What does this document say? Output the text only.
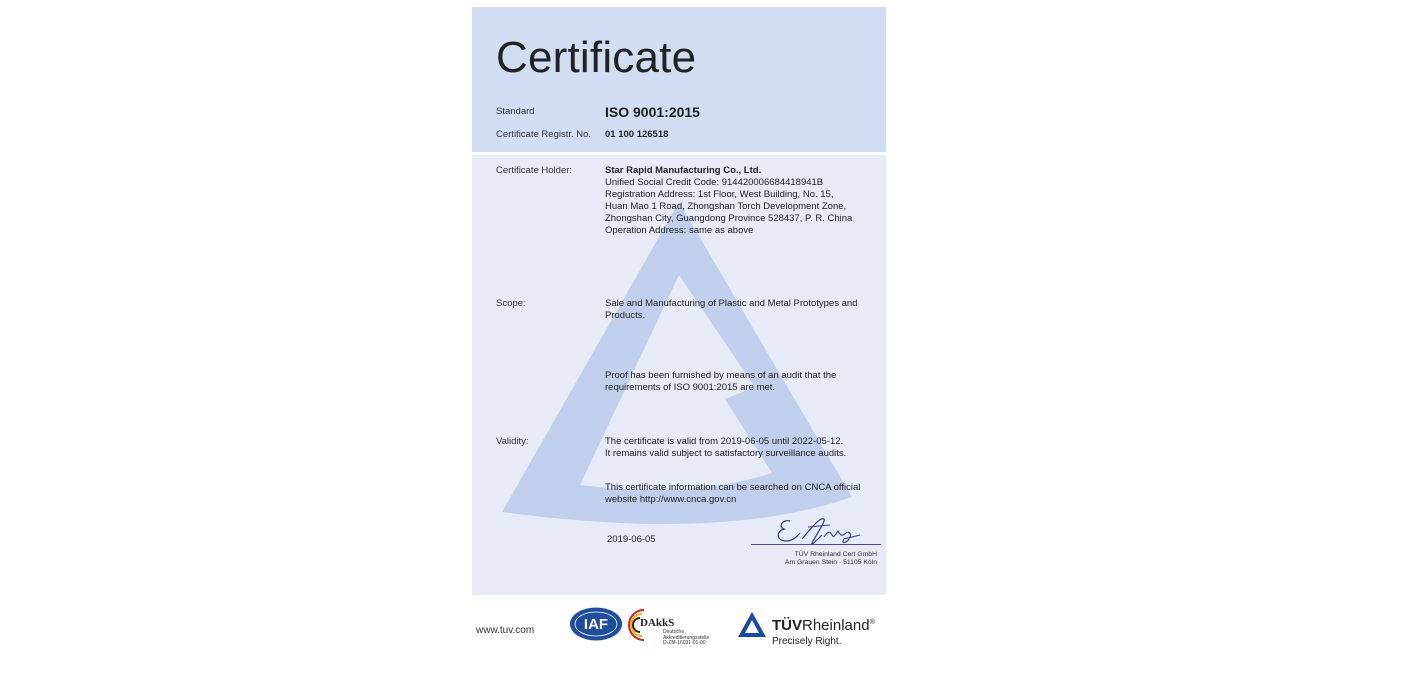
Certificate
Standard	ISO 9001:2015
Certificate Registr. No. 01 100 126518
Certificate Holder:	Star Rapid Manufacturing Co., Ltd.
Unified Social Credit Code: 914420006684418941B
Registration Address: 1st Floor, West Building, No. 15,
Huan Mao 1 Road, Zhongshan Torch Development Zone,
Zhongshan City, Guangdong Province 528437, P. R. China
Operation Address: same as above
Scope:	Sale and Manufacturing of Plastic and Metal Prototypes and
Products.
Proof has been furnished by means of an audit that the
requirements of ISO 9001:2015 are met.
Validity:	The certificate is valid from 2019-06-05 until 2022-05-12.
It remains valid subject to satisfactory surveillance audits.
This certificate information can be searched on CNCA official
website http://www.cnca.gov.cn
2019-06-05
TÜV Rheinland Cert GmbH
Am Grauen Stein · 51105 Köln
www.tuv.com	IAF	DAkkS
Deutsche
Akkreditierungsstelle
D-ZM-16031-01-00
TÜVRheinland®
Precisely Right.
